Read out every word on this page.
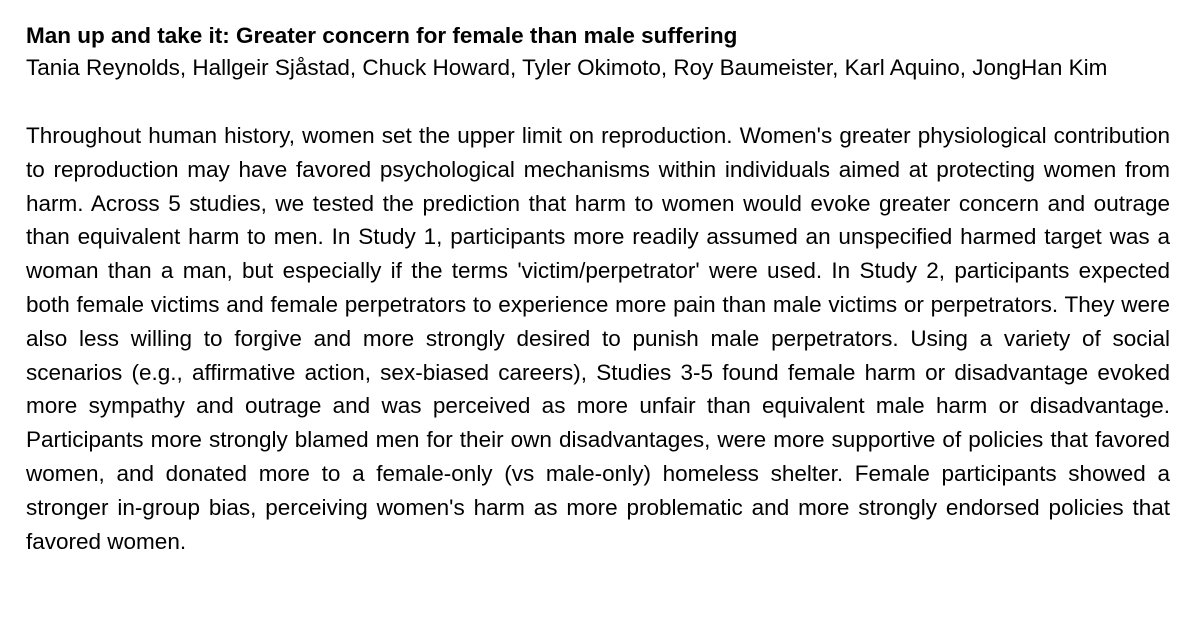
Man up and take it: Greater concern for female than male suffering

Tania Reynolds, Hallgeir Sjåstad, Chuck Howard, Tyler Okimoto, Roy Baumeister, Karl Aquino, JongHan Kim

Throughout human history, women set the upper limit on reproduction. Women's greater physiological contribution to reproduction may have favored psychological mechanisms within individuals aimed at protecting women from harm. Across 5 studies, we tested the prediction that harm to women would evoke greater concern and outrage than equivalent harm to men. In Study 1, participants more readily assumed an unspecified harmed target was a woman than a man, but especially if the terms 'victim/perpetrator' were used. In Study 2, participants expected both female victims and female perpetrators to experience more pain than male victims or perpetrators. They were also less willing to forgive and more strongly desired to punish male perpetrators. Using a variety of social scenarios (e.g., affirmative action, sex-biased careers), Studies 3-5 found female harm or disadvantage evoked more sympathy and outrage and was perceived as more unfair than equivalent male harm or disadvantage. Participants more strongly blamed men for their own disadvantages, were more supportive of policies that favored women, and donated more to a female-only (vs male-only) homeless shelter. Female participants showed a stronger in-group bias, perceiving women's harm as more problematic and more strongly endorsed policies that favored women.
